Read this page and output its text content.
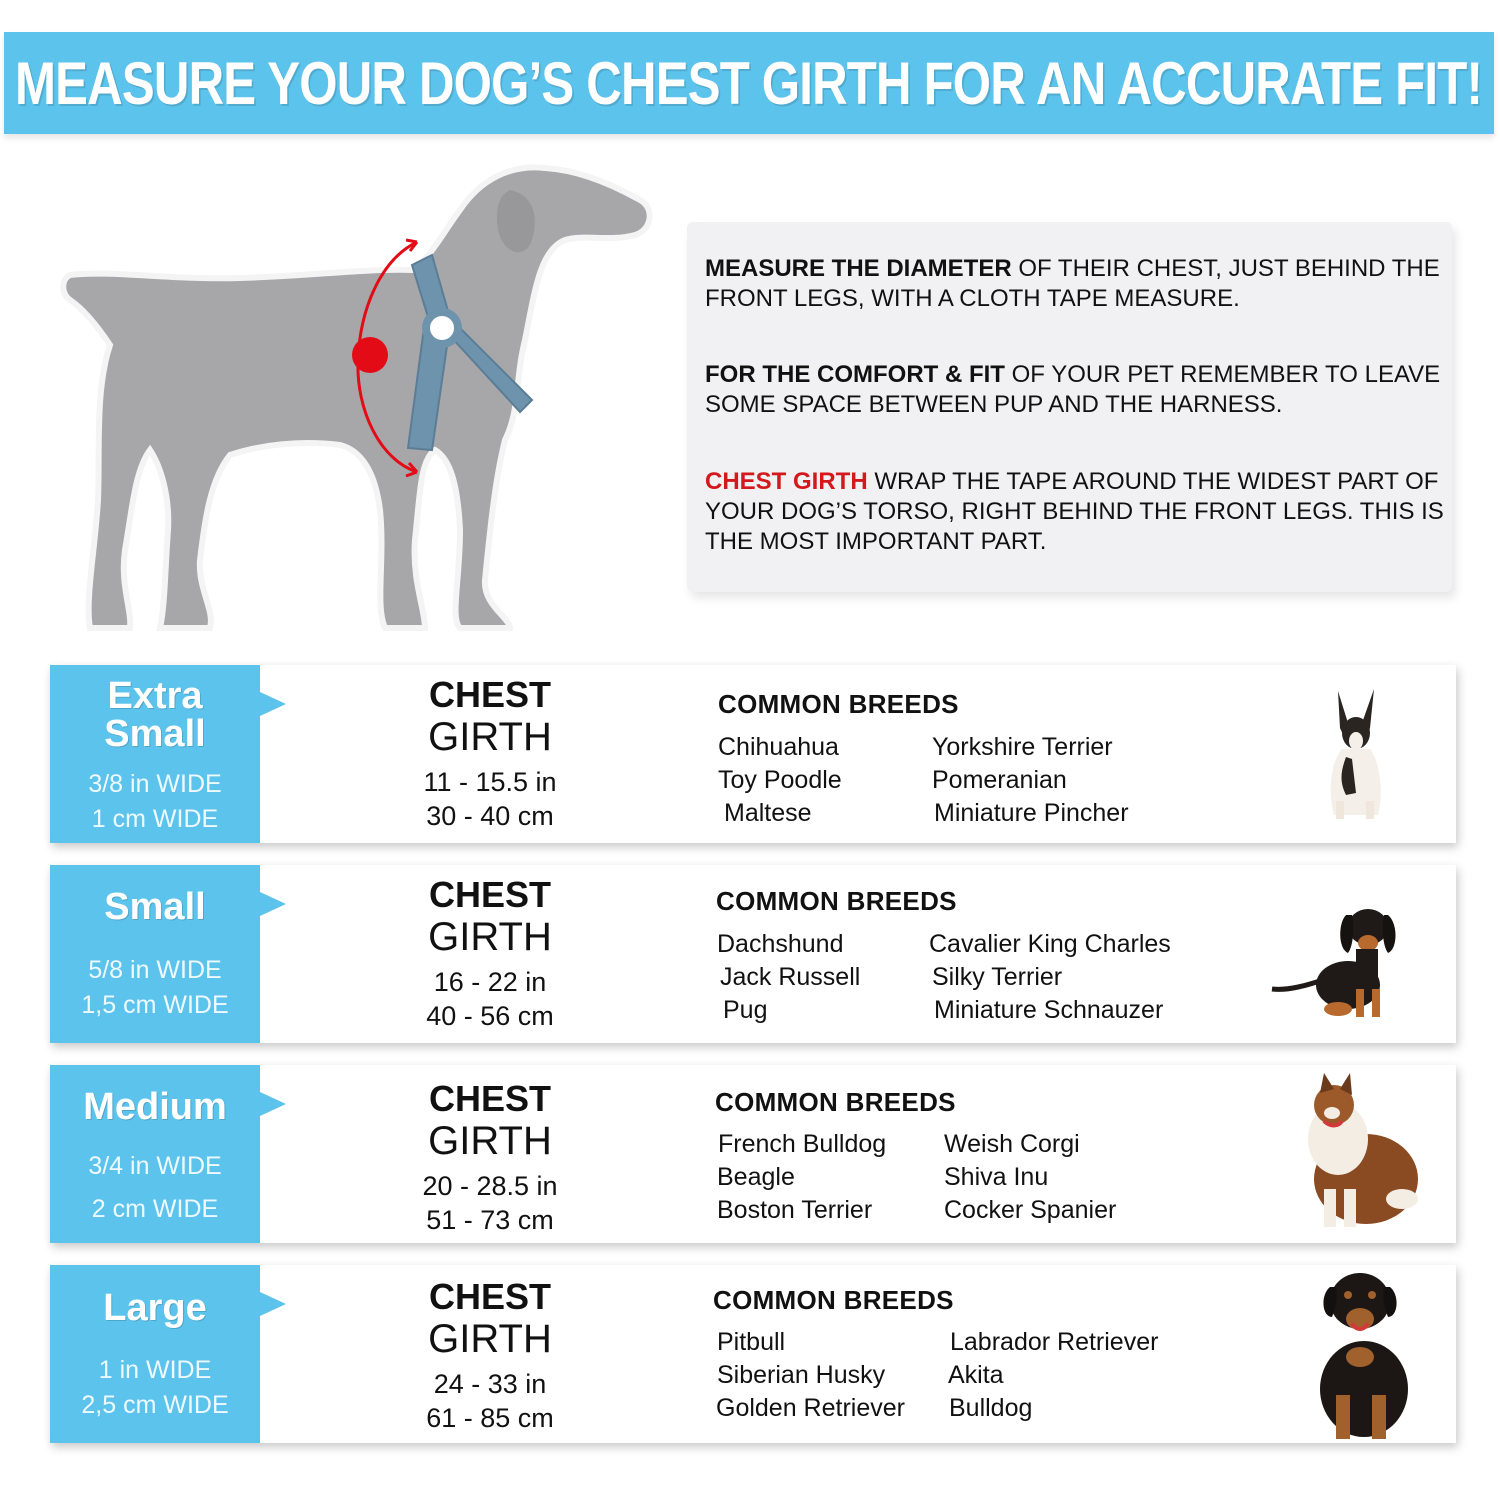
MEASURE YOUR DOG’S CHEST GIRTH FOR AN ACCURATE FIT!
MEASURE THE DIAMETER OF THEIR CHEST, JUST BEHIND THE FRONT LEGS, WITH A CLOTH TAPE MEASURE.
FOR THE COMFORT & FIT OF YOUR PET REMEMBER TO LEAVE SOME SPACE BETWEEN PUP AND THE HARNESS.
CHEST GIRTH WRAP THE TAPE AROUND THE WIDEST PART OF YOUR DOG’S TORSO, RIGHT BEHIND THE FRONT LEGS. THIS IS THE MOST IMPORTANT PART.
Extra
Small
3/8 in WIDE
1 cm WIDE
CHEST
GIRTH
11 - 15.5 in
30 - 40 cm
COMMON BREEDS
Chihuahua
Toy Poodle
Maltese
Yorkshire Terrier
Pomeranian
Miniature Pincher
Small
5/8 in WIDE
1,5 cm WIDE
CHEST
GIRTH
16 - 22 in
40 - 56 cm
COMMON BREEDS
Dachshund
Jack Russell
Pug
Cavalier King Charles
Silky Terrier
Miniature Schnauzer
Medium
3/4 in WIDE
2 cm WIDE
CHEST
GIRTH
20 - 28.5 in
51 - 73 cm
COMMON BREEDS
French Bulldog
Beagle
Boston Terrier
Weish Corgi
Shiva Inu
Cocker Spanier
Large
1 in WIDE
2,5 cm WIDE
CHEST
GIRTH
24 - 33 in
61 - 85 cm
COMMON BREEDS
Pitbull
Siberian Husky
Golden Retriever
Labrador Retriever
Akita
Bulldog
